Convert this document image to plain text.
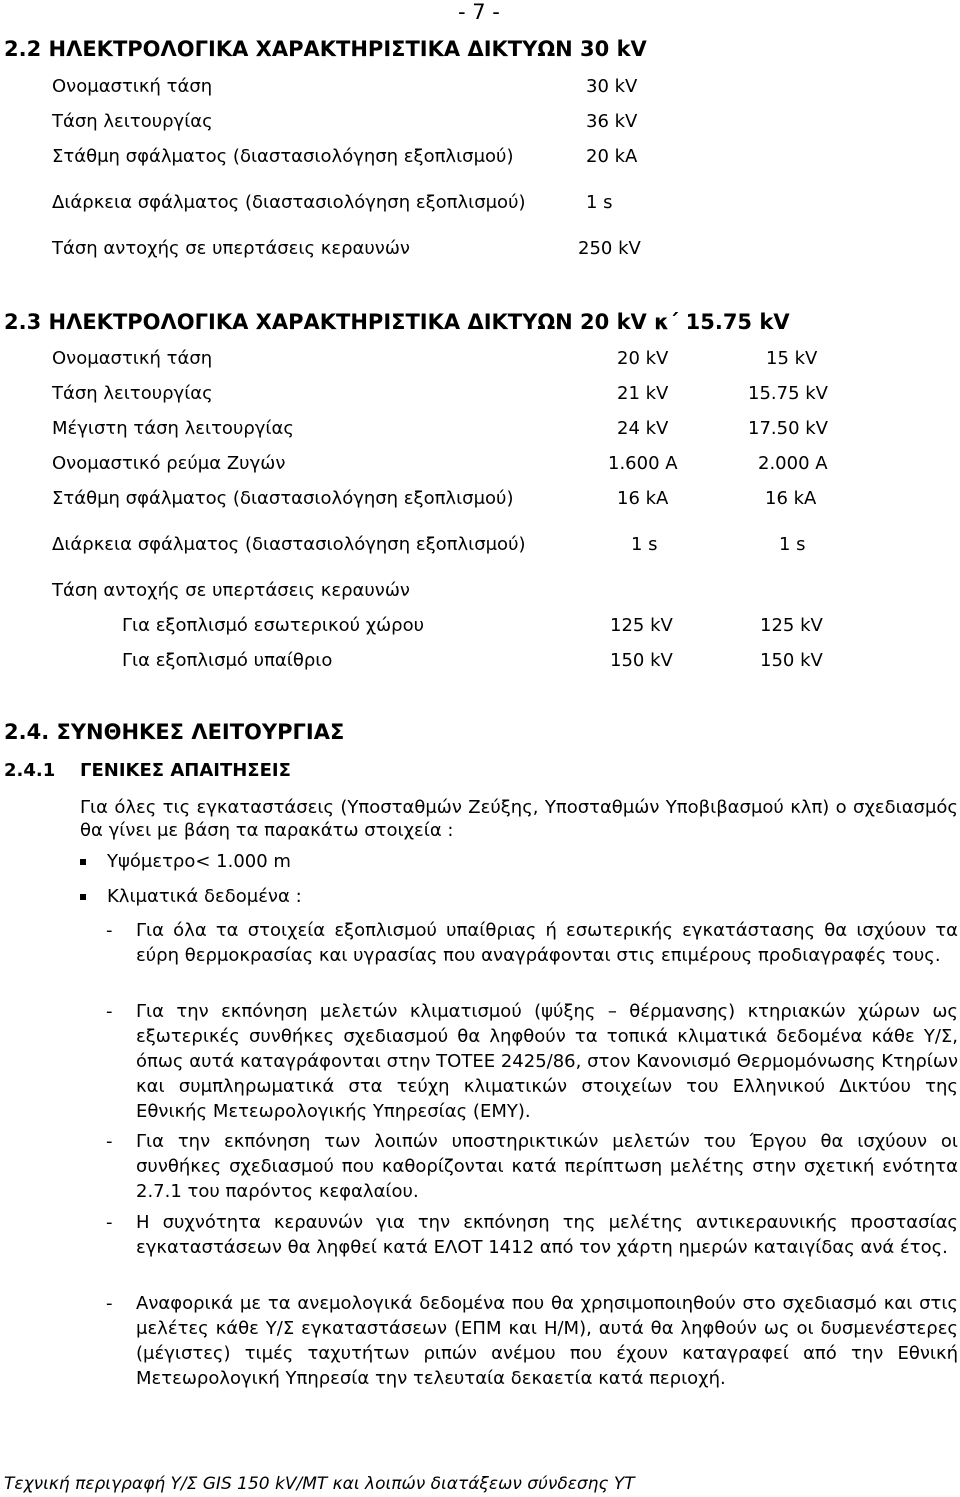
- 7 -
2.2 ΗΛΕΚΤΡΟΛΟΓΙΚΑ ΧΑΡΑΚΤΗΡΙΣΤΙΚΑ ΔΙΚΤΥΩΝ 30 kV
Ονομαστική τάση	30 kV
Τάση λειτουργίας	36 kV
Στάθμη σφάλματος (διαστασιολόγηση εξοπλισμού)	20 kA
Διάρκεια σφάλματος (διαστασιολόγηση εξοπλισμού)	1 s
Τάση αντοχής σε υπερτάσεις κεραυνών	250 kV
2.3 ΗΛΕΚΤΡΟΛΟΓΙΚΑ ΧΑΡΑΚΤΗΡΙΣΤΙΚΑ ΔΙΚΤΥΩΝ 20 kV κ΄ 15.75 kV
Ονομαστική τάση	20 kV	15 kV
Τάση λειτουργίας	21 kV	15.75 kV
Μέγιστη τάση λειτουργίας	24 kV	17.50 kV
Ονομαστικό ρεύμα Ζυγών	1.600 A	2.000 A
Στάθμη σφάλματος (διαστασιολόγηση εξοπλισμού)	16 kA	16 kA
Διάρκεια σφάλματος (διαστασιολόγηση εξοπλισμού)	1 s	1 s
Τάση αντοχής σε υπερτάσεις κεραυνών
Για εξοπλισμό εσωτερικού χώρου	125 kV	125 kV
Για εξοπλισμό υπαίθριο	150 kV	150 kV
2.4. ΣΥΝΘΗΚΕΣ ΛΕΙΤΟΥΡΓΙΑΣ
2.4.1 ΓΕΝΙΚΕΣ ΑΠΑΙΤΗΣΕΙΣ
Για όλες τις εγκαταστάσεις (Υποσταθμών Ζεύξης, Υποσταθμών Υποβιβασμού κλπ) ο σχεδιασμός θα γίνει με βάση τα παρακάτω στοιχεία :
Υψόμετρο< 1.000 m
Κλιματικά δεδομένα :
- Για όλα τα στοιχεία εξοπλισμού υπαίθριας ή εσωτερικής εγκατάστασης θα ισχύουν τα εύρη θερμοκρασίας και υγρασίας που αναγράφονται στις επιμέρους προδιαγραφές τους.
- Για την εκπόνηση μελετών κλιματισμού (ψύξης – θέρμανσης) κτηριακών χώρων ως εξωτερικές συνθήκες σχεδιασμού θα ληφθούν τα τοπικά κλιματικά δεδομένα κάθε Υ/Σ, όπως αυτά καταγράφονται στην ΤΟΤΕΕ 2425/86, στον Κανονισμό Θερμομόνωσης Κτηρίων και συμπληρωματικά στα τεύχη κλιματικών στοιχείων του Ελληνικού Δικτύου της Εθνικής Μετεωρολογικής Υπηρεσίας (ΕΜΥ).
- Για την εκπόνηση των λοιπών υποστηρικτικών μελετών του Έργου θα ισχύουν οι συνθήκες σχεδιασμού που καθορίζονται κατά περίπτωση μελέτης στην σχετική ενότητα 2.7.1 του παρόντος κεφαλαίου.
- Η συχνότητα κεραυνών για την εκπόνηση της μελέτης αντικεραυνικής προστασίας εγκαταστάσεων θα ληφθεί κατά ΕΛΟΤ 1412 από τον χάρτη ημερών καταιγίδας ανά έτος.
- Αναφορικά με τα ανεμολογικά δεδομένα που θα χρησιμοποιηθούν στο σχεδιασμό και στις μελέτες κάθε Υ/Σ εγκαταστάσεων (ΕΠΜ και Η/Μ), αυτά θα ληφθούν ως οι δυσμενέστερες (μέγιστες) τιμές ταχυτήτων ριπών ανέμου που έχουν καταγραφεί από την Εθνική Μετεωρολογική Υπηρεσία την τελευταία δεκαετία κατά περιοχή.
Τεχνική περιγραφή Υ/Σ GIS 150 kV/MT και λοιπών διατάξεων σύνδεσης ΥΤ
